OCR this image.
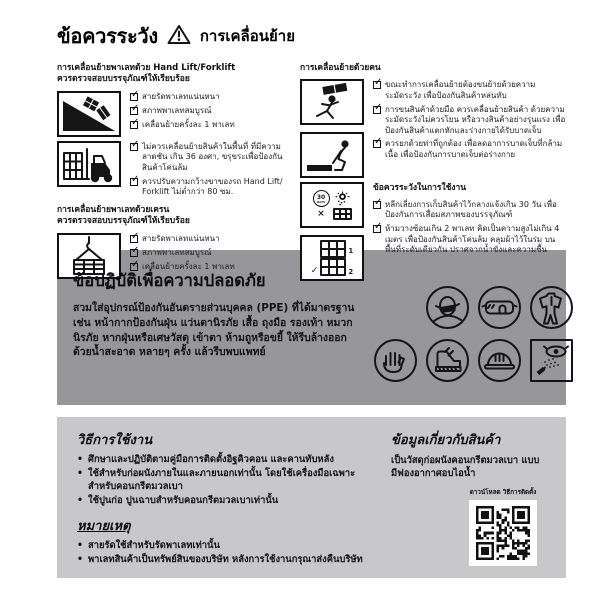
ข้อควรระวัง	การเคลื่อนย้าย
การเคลื่อนย้ายพาเลทด้วย Hand Lift/Forklift
ควรตรวจสอบบรรจุภัณฑ์ให้เรียบร้อย
✓ สายรัดพาเลทแน่นหนา
✓ สภาพพาเลทสมบูรณ์
✓ เคลื่อนย้ายครั้งละ 1 พาเลท
✓ ไม่ควรเคลื่อนย้ายสินค้าในพื้นที่ ที่มีความลาดชัน เกิน 36 องศา, ขรุขระเพื่อป้องกันสินค้าโค่นล้ม
✓ ควรปรับความกว้างขาของรถ Hand Lift/ Forklift ไม่ต่ำกว่า 80 ซม.
การเคลื่อนย้ายพาเลทด้วยเครน
ควรตรวจสอบบรรจุภัณฑ์ให้เรียบร้อย
✓ สายรัดพาเลทแน่นหนา
✓ สภาพพาเลทสมบูรณ์
✓ เคลื่อนย้ายครั้งละ 1 พาเลท
การเคลื่อนย้ายด้วยคน
✓ ขณะทำการเคลื่อนย้ายต้องขนย้ายด้วยความระมัดระวัง เพื่อป้องกันสินค้าหล่นทับ
✓ การขนสินค้าด้วยมือ ควรเคลื่อนย้ายสินค้า ด้วยความระมัดระวังไม่ควรโยน หรือวางสินค้าอย่างรุนแรง เพื่อป้องกันสินค้าแตกหักและร่างกายได้รับบาดเจ็บ
✓ ควรยกด้วยท่าที่ถูกต้อง เพื่อลดอาการบาดเจ็บที่กล้ามเนื้อ เพื่อป้องกันการบาดเจ็บต่อร่างกาย
30
DAYS
×
✓
1
2
ข้อควรระวังในการใช้งาน
✓ หลีกเลี่ยงการเก็บสินค้าไว้กลางแจ้งเกิน 30 วัน เพื่อป้องกันการเสื่อมสภาพของบรรจุภัณฑ์
✓ ห้ามวางซ้อนเกิน 2 พาเลท คิดเป็นความสูงไม่เกิน 4 เมตร เพื่อป้องกันสินค้าโค่นล้ม คลุมผ้าไว้ในร่ม บนพื้นที่ระดับเดียวกัน ปราศจากน้ำขังและความชื้น
ข้อปฏิบัติเพื่อความปลอดภัย
สวมใส่อุปกรณ์ป้องกันอันตรายส่วนบุคคล (PPE) ที่ได้มาตรฐาน เช่น หน้ากากป้องกันฝุ่น แว่นตานิรภัย เสื้อ ถุงมือ รองเท้า หมวกนิรภัย หากฝุ่นหรือเศษวัสดุ เข้าตา ห้ามถูหรือขยี้ ให้รีบล้างออกด้วยน้ำสะอาด หลายๆ ครั้ง แล้วรีบพบแพทย์
วิธีการใช้งาน
• ศึกษาและปฏิบัติตามคู่มือการติดตั้งอิฐคิวคอน และคานทับหลัง
• ใช้สำหรับก่อผนังภายในและภายนอกเท่านั้น โดยใช้เครื่องมือเฉพาะสำหรับคอนกรีตมวลเบา
• ใช้ปูนก่อ ปูนฉาบสำหรับคอนกรีตมวลเบาเท่านั้น
หมายเหตุ
• สายรัดใช้สำหรับรัดพาเลทเท่านั้น
• พาเลทสินค้าเป็นทรัพย์สินของบริษัท หลังการใช้งานกรุณาส่งคืนบริษัท
ข้อมูลเกี่ยวกับสินค้า
เป็นวัสดุก่อผนังคอนกรีตมวลเบา แบบมีฟองอากาศอบไอน้ำ
ดาวน์โหลด วิธีการติดตั้ง
